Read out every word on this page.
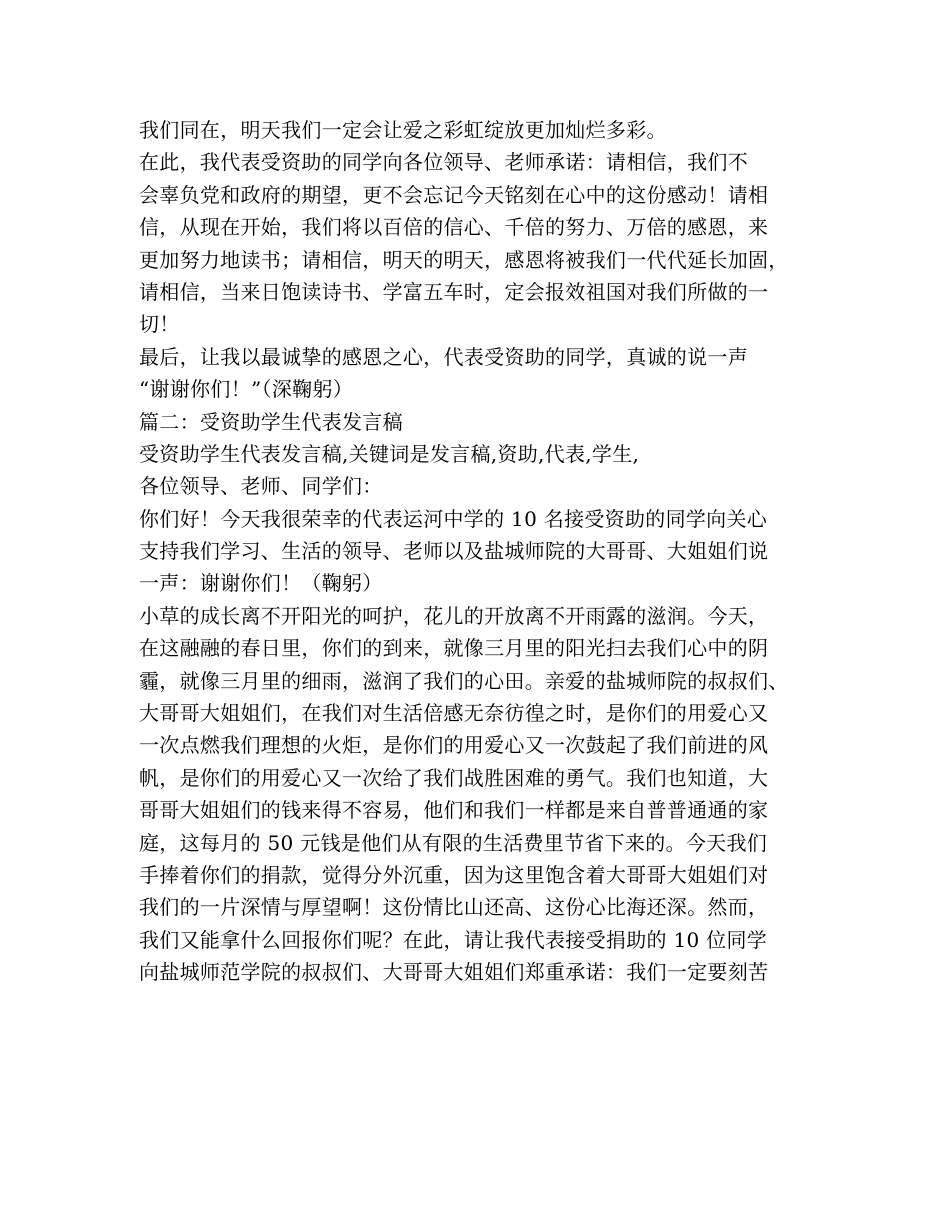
我们同在，明天我们一定会让爱之彩虹绽放更加灿烂多彩。
在此，我代表受资助的同学向各位领导、老师承诺：请相信，我们不
会辜负党和政府的期望，更不会忘记今天铭刻在心中的这份感动！请相
信，从现在开始，我们将以百倍的信心、千倍的努力、万倍的感恩，来
更加努力地读书；请相信，明天的明天，感恩将被我们一代代延长加固，
请相信，当来日饱读诗书、学富五车时，定会报效祖国对我们所做的一
切！
最后，让我以最诚挚的感恩之心，代表受资助的同学，真诚的说一声
“谢谢你们！”（深鞠躬）
篇二：受资助学生代表发言稿
受资助学生代表发言稿,关键词是发言稿,资助,代表,学生,
各位领导、老师、同学们：
你们好！今天我很荣幸的代表运河中学的 10 名接受资助的同学向关心
支持我们学习、生活的领导、老师以及盐城师院的大哥哥、大姐姐们说
一声：谢谢你们！（鞠躬）
小草的成长离不开阳光的呵护，花儿的开放离不开雨露的滋润。今天，
在这融融的春日里，你们的到来，就像三月里的阳光扫去我们心中的阴
霾，就像三月里的细雨，滋润了我们的心田。亲爱的盐城师院的叔叔们、
大哥哥大姐姐们，在我们对生活倍感无奈彷徨之时，是你们的用爱心又
一次点燃我们理想的火炬，是你们的用爱心又一次鼓起了我们前进的风
帆，是你们的用爱心又一次给了我们战胜困难的勇气。我们也知道，大
哥哥大姐姐们的钱来得不容易，他们和我们一样都是来自普普通通的家
庭，这每月的 50 元钱是他们从有限的生活费里节省下来的。今天我们
手捧着你们的捐款，觉得分外沉重，因为这里饱含着大哥哥大姐姐们对
我们的一片深情与厚望啊！这份情比山还高、这份心比海还深。然而，
我们又能拿什么回报你们呢？在此，请让我代表接受捐助的 10 位同学
向盐城师范学院的叔叔们、大哥哥大姐姐们郑重承诺：我们一定要刻苦
